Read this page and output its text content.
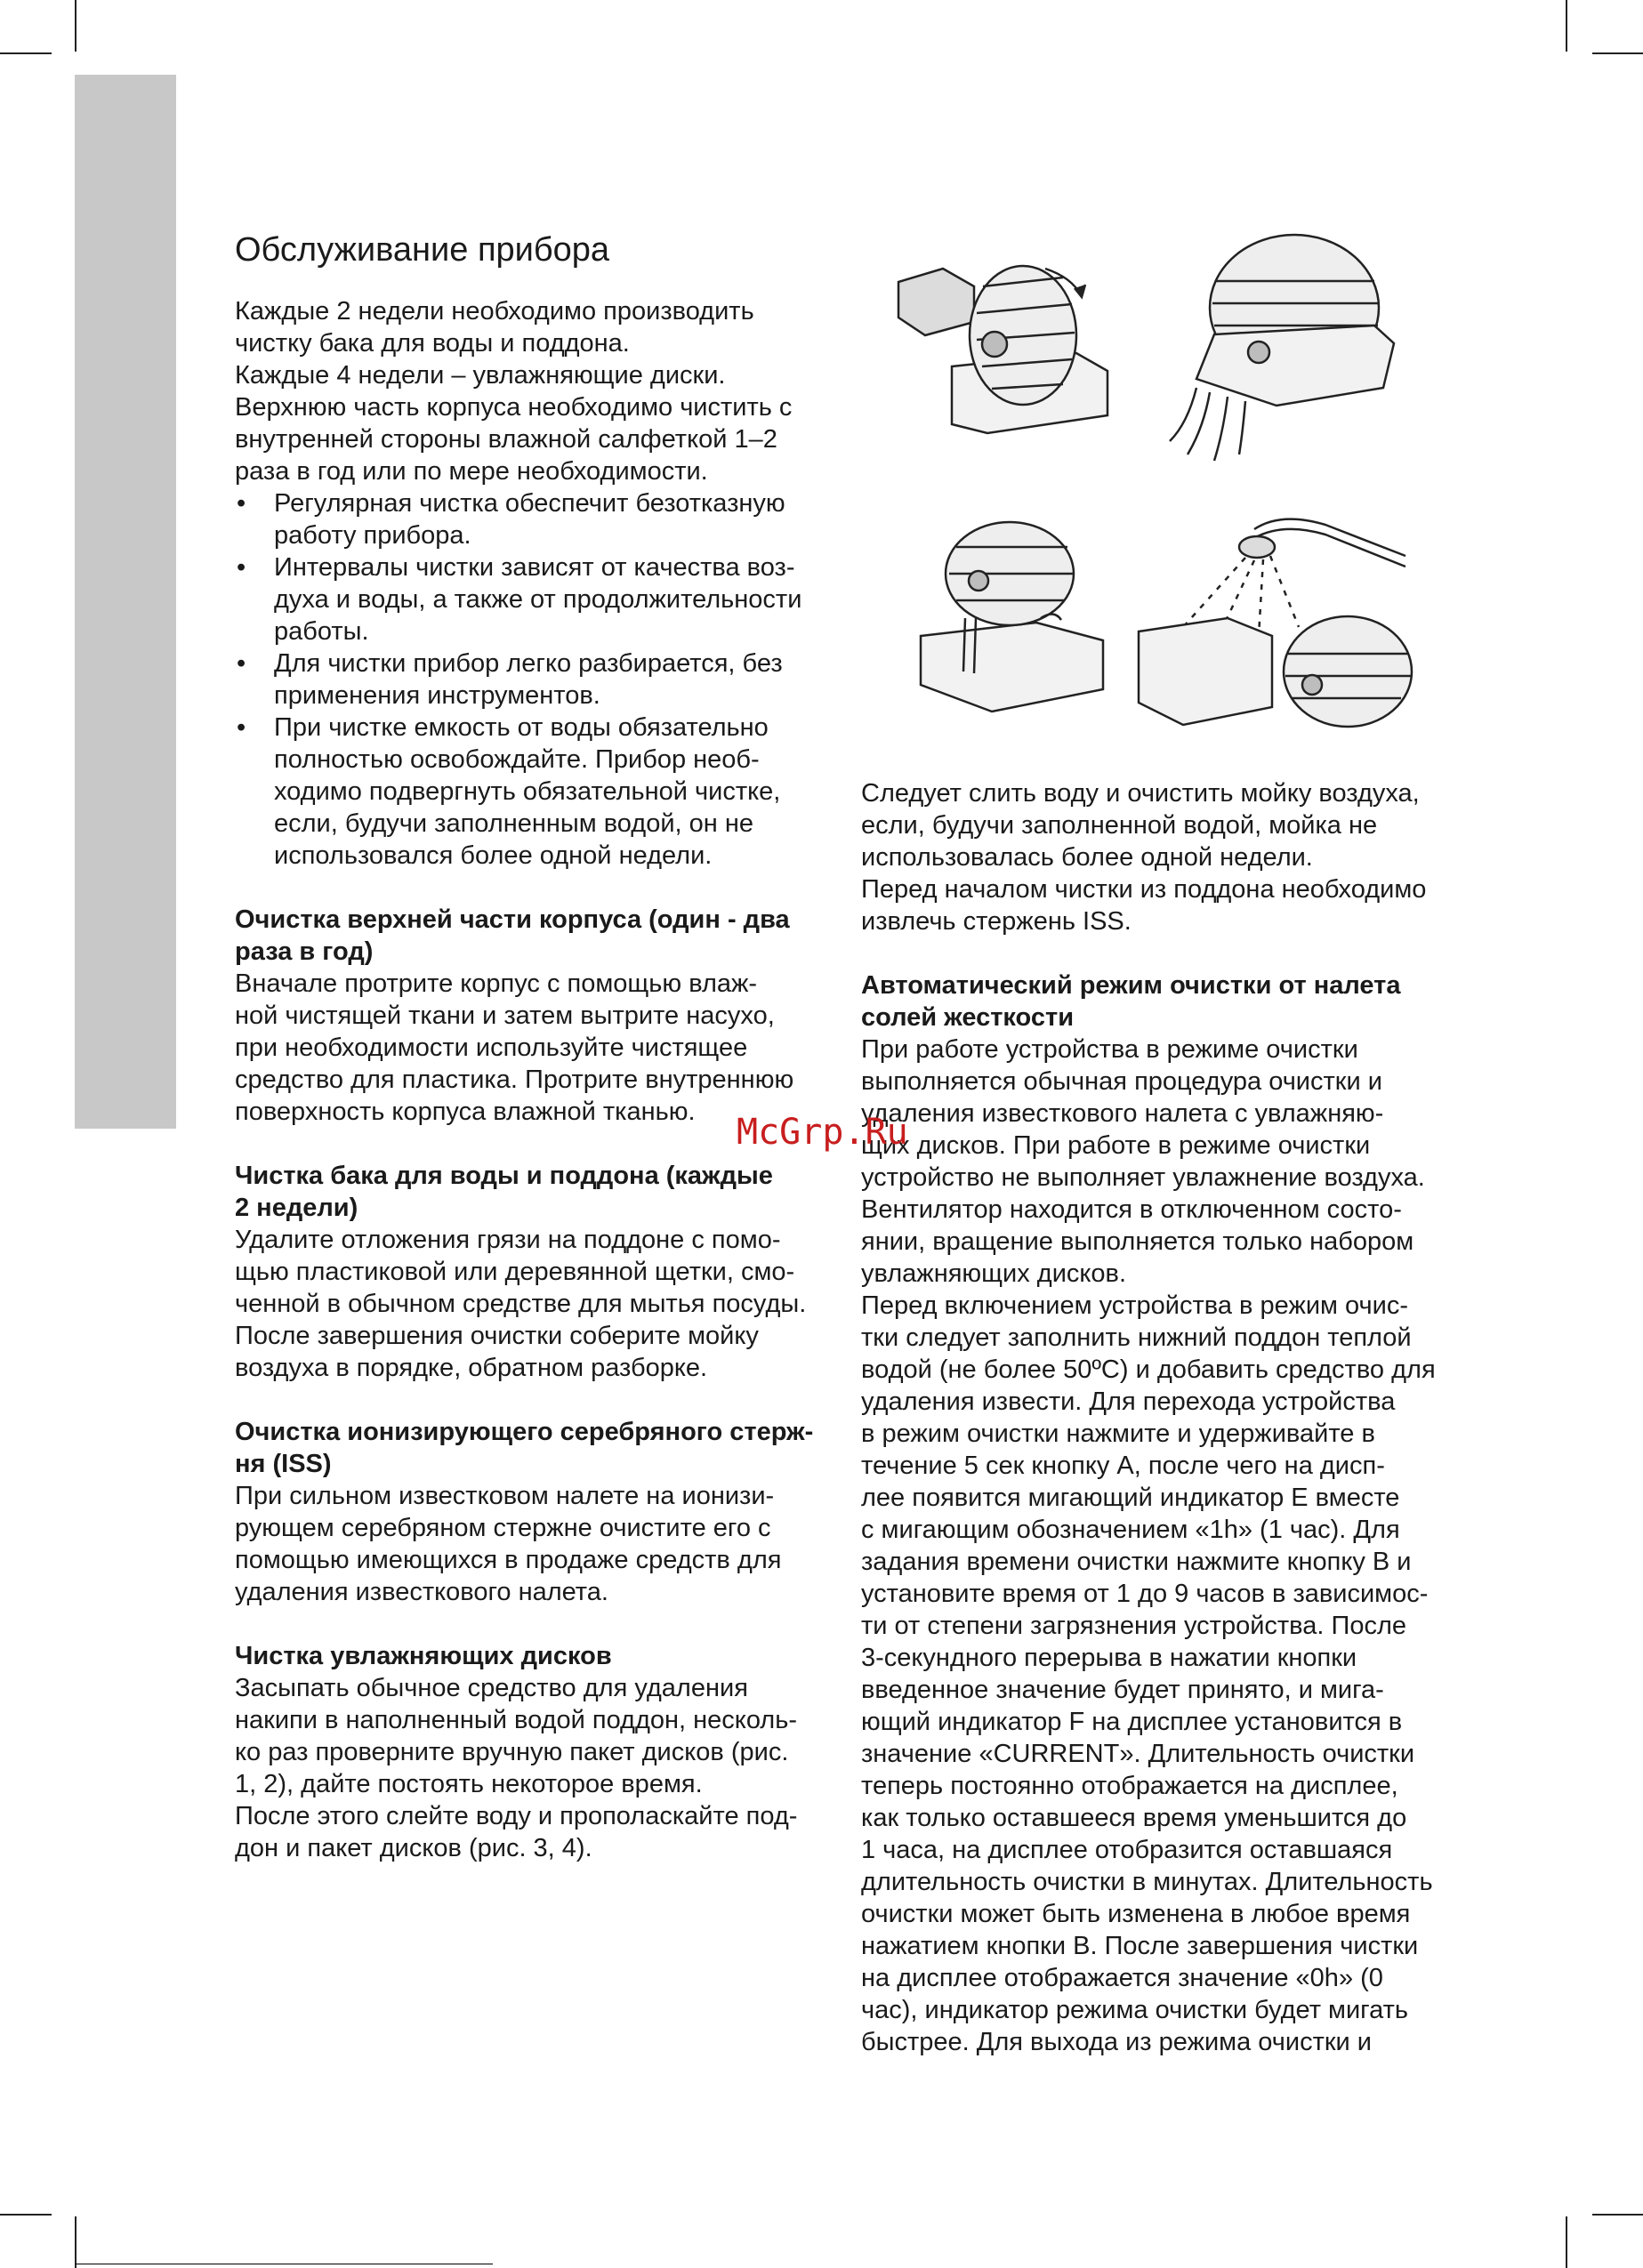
Обслуживание прибора

Каждые 2 недели необходимо производить

чистку бака для воды и поддона.

Каждые 4 недели – увлажняющие диски.

Верхнюю часть корпуса необходимо чистить с

внутренней стороны влажной салфеткой 1–2

раза в год или по мере необходимости.

• Регулярная чистка обеспечит безотказную

работу прибора.

• Интервалы чистки зависят от качества воз-

духа и воды, а также от продолжительности

работы.

• Для чистки прибор легко разбирается, без

применения инструментов.

• При чистке емкость от воды обязательно

полностью освобождайте. Прибор необ-

ходимо подвергнуть обязательной чистке,

если, будучи заполненным водой, он не

использовался более одной недели.

Очистка верхней части корпуса (один - два

раза в год)

Вначале протрите корпус с помощью влаж-

ной чистящей ткани и затем вытрите насухо,

при необходимости используйте чистящее

средство для пластика. Протрите внутреннюю

поверхность корпуса влажной тканью.

Чистка бака для воды и поддона (каждые

2 недели)

Удалите отложения грязи на поддоне с помо-

щью пластиковой или деревянной щетки, смо-

ченной в обычном средстве для мытья посуды.

После завершения очистки соберите мойку

воздуха в порядке, обратном разборке.

Очистка ионизирующего серебряного стерж-

ня (ISS)

При сильном известковом налете на ионизи-

рующем серебряном стержне очистите его с

помощью имеющихся в продаже средств для

удаления известкового налета.

Чистка увлажняющих дисков

Засыпать обычное средство для удаления

накипи в наполненный водой поддон, несколь-

ко раз проверните вручную пакет дисков (рис.

1, 2), дайте постоять некоторое время.

После этого слейте воду и прополаскайте под-

дон и пакет дисков (рис. 3, 4).

Следует слить воду и очистить мойку воздуха,

если, будучи заполненной водой, мойка не

использовалась более одной недели.

Перед началом чистки из поддона необходимо

извлечь стержень ISS.

Автоматический режим очистки от налета

солей жесткости

При работе устройства в режиме очистки

выполняется обычная процедура очистки и

удаления известкового налета с увлажняю-

щих дисков. При работе в режиме очистки

устройство не выполняет увлажнение воздуха.

Вентилятор находится в отключенном состо-

янии, вращение выполняется только набором

увлажняющих дисков.

Перед включением устройства в режим очис-

тки следует заполнить нижний поддон теплой

водой (не более 50ºС) и добавить средство для

удаления извести. Для перехода устройства

в режим очистки нажмите и удерживайте в

течение 5 сек кнопку А, после чего на дисп-

лее появится мигающий индикатор E вместе

с мигающим обозначением «1h» (1 час). Для

задания времени очистки нажмите кнопку В и

установите время от 1 до 9 часов в зависимос-

ти от степени загрязнения устройства. После

3-секундного перерыва в нажатии кнопки

введенное значение будет принято, и мига-

ющий индикатор F на дисплее установится в

значение «CURRENT». Длительность очистки

теперь постоянно отображается на дисплее,

как только оставшееся время уменьшится до

1 часа, на дисплее отобразится оставшаяся

длительность очистки в минутах. Длительность

очистки может быть изменена в любое время

нажатием кнопки В. После завершения чистки

на дисплее отображается значение «0h» (0

час), индикатор режима очистки будет мигать

быстрее. Для выхода из режима очистки и

McGrp.Ru
